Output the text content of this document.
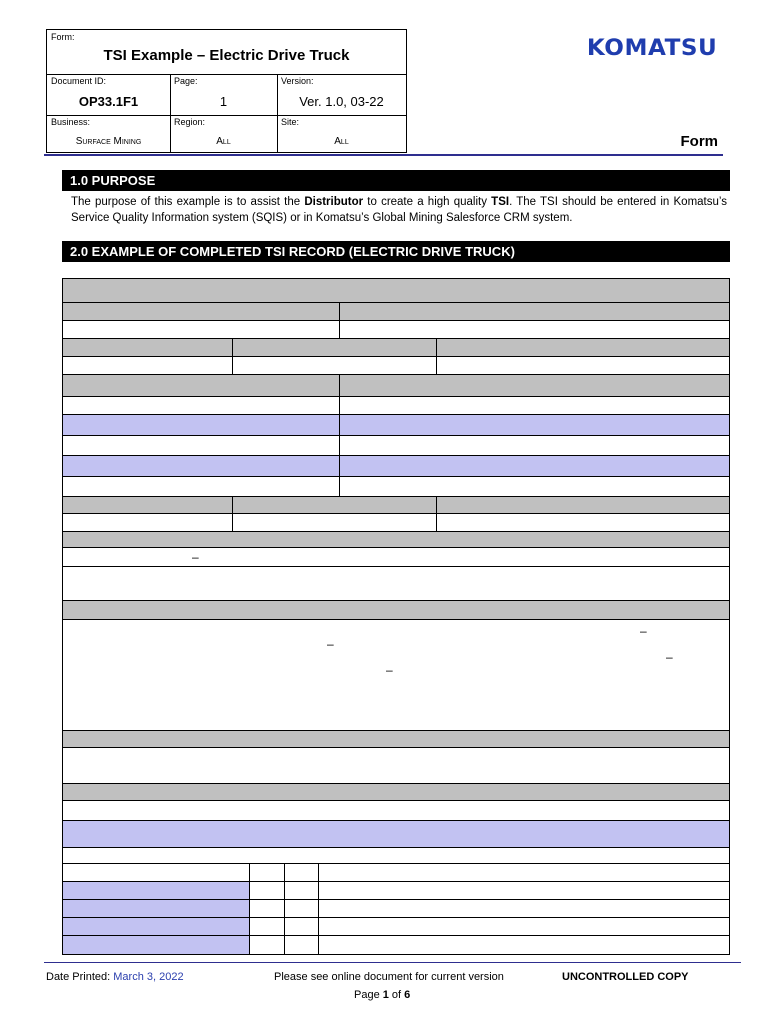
Form:
TSI Example – Electric Drive Truck
Document ID:
OP33.1F1
Page:
1
Version:
Ver. 1.0, 03-22
Business:
Surface Mining
Region:
All
Site:
All
KOMATSU
Form
1.0 PURPOSE
The purpose of this example is to assist the Distributor to create a high quality TSI. The TSI should be entered in Komatsu’s Service Quality Information system (SQIS) or in Komatsu’s Global Mining Salesforce CRM system.
2.0 EXAMPLE OF COMPLETED TSI RECORD (ELECTRIC DRIVE TRUCK)
–
–
–
–
–
Date Printed: March 3, 2022	Please see online document for current version	UNCONTROLLED COPY
Page 1 of 6
